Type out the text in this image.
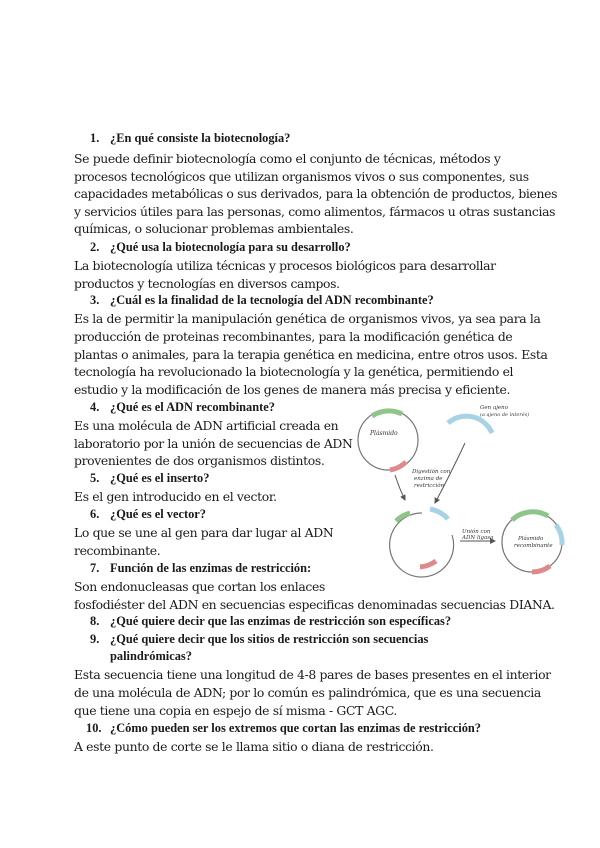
1. ¿En qué consiste la biotecnología?
Se puede definir biotecnología como el conjunto de técnicas, métodos y
procesos tecnológicos que utilizan organismos vivos o sus componentes, sus
capacidades metabólicas o sus derivados, para la obtención de productos, bienes
y servicios útiles para las personas, como alimentos, fármacos u otras sustancias
químicas, o solucionar problemas ambientales.
2. ¿Qué usa la biotecnología para su desarrollo?
La biotecnología utiliza técnicas y procesos biológicos para desarrollar
productos y tecnologías en diversos campos.
3. ¿Cuál es la finalidad de la tecnología del ADN recombinante?
Es la de permitir la manipulación genética de organismos vivos, ya sea para la
producción de proteinas recombinantes, para la modificación genética de
plantas o animales, para la terapia genética en medicina, entre otros usos. Esta
tecnología ha revolucionado la biotecnología y la genética, permitiendo el
estudio y la modificación de los genes de manera más precisa y eficiente.
4. ¿Qué es el ADN recombinante?
Es una molécula de ADN artificial creada en
laboratorio por la unión de secuencias de ADN
provenientes de dos organismos distintos.
5. ¿Qué es el inserto?
Es el gen introducido en el vector.
6. ¿Qué es el vector?
Lo que se une al gen para dar lugar al ADN
recombinante.
7. Función de las enzimas de restricción:
Son endonucleasas que cortan los enlaces
fosfodiéster del ADN en secuencias especificas denominadas secuencias DIANA.
8. ¿Qué quiere decir que las enzimas de restricción son específicas?
9. ¿Qué quiere decir que los sitios de restricción son secuencias
palindrómicas?
Esta secuencia tiene una longitud de 4-8 pares de bases presentes en el interior
de una molécula de ADN; por lo común es palindrómica, que es una secuencia
que tiene una copia en espejo de sí misma - GCT AGC.
10. ¿Cómo pueden ser los extremos que cortan las enzimas de restricción?
A este punto de corte se le llama sitio o diana de restricción.
Plásmido
Gen ajeno
(a ajeno de interés)
Digestión con
enzima de
restricción
Unión con
ADN ligasa	Plásmido
recombinante
